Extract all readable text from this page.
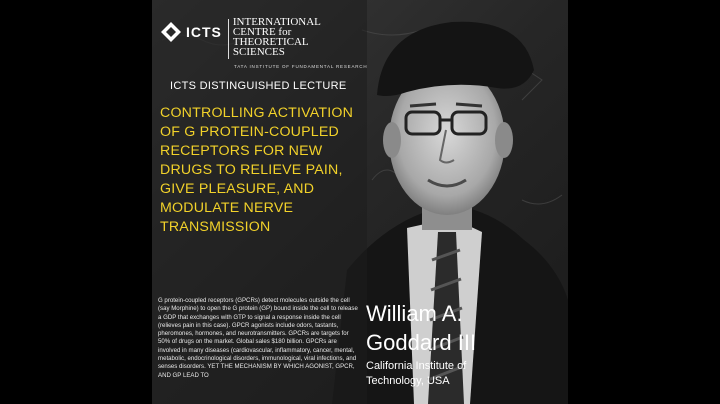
ICTS
INTERNATIONAL
CENTRE for
THEORETICAL
SCIENCES
TATA INSTITUTE OF FUNDAMENTAL RESEARCH
ICTS DISTINGUISHED LECTURE
CONTROLLING ACTIVATION OF G PROTEIN-COUPLED RECEPTORS FOR NEW DRUGS TO RELIEVE PAIN, GIVE PLEASURE, AND MODULATE NERVE TRANSMISSION
G protein-coupled receptors (GPCRs) detect molecules outside the cell (say Morphine) to open the G protein (GP) bound inside the cell to release a GDP that exchanges with GTP to signal a response inside the cell (relieves pain in this case). GPCR agonists include odors, tastants, pheromones, hormones, and neurotransmitters. GPCRs are targets for 50% of drugs on the market. Global sales $180 billion. GPCRs are involved in many diseases (cardiovascular, inflammatory, cancer, mental, metabolic, endocrinological disorders, immunological, viral infections, and senses disorders. YET THE MECHANISM BY WHICH AGONIST, GPCR, AND GP LEAD TO
William A. Goddard III
California Institute of Technology, USA
